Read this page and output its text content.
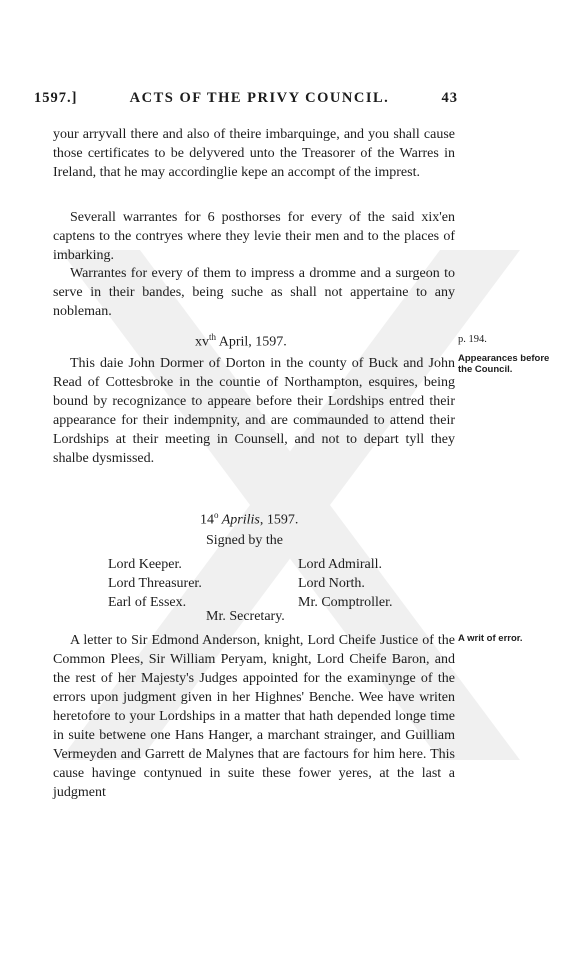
1597.]	ACTS OF THE PRIVY COUNCIL.	43

your arryvall there and also of theire imbarquinge, and you shall cause those certificates to be delyvered unto the Treasorer of the Warres in Ireland, that he may accordinglie kepe an accompt of the imprest.

Severall warrantes for 6 posthorses for every of the said xix'en captens to the contryes where they levie their men and to the places of imbarking.

Warrantes for every of them to impress a dromme and a surgeon to serve in their bandes, being suche as shall not appertaine to any nobleman.

$xv^{th}$ April, 1597.

This daie John Dormer of Dorton in the county of Buck and John Read of Cottesbroke in the countie of Northampton, esquires, being bound by recognizance to appeare before their Lordships entred their appearance for their indempnity, and are commaunded to attend their Lordships at their meeting in Counsell, and not to depart tyll they shalbe dysmissed.

14$^o$ Aprilis, 1597.
Signed by the
Lord Keeper.	Lord Admirall.
Lord Threasurer.	Lord North.
Earl of Essex.	Mr. Comptroller.
Mr. Secretary.

A letter to Sir Edmond Anderson, knight, Lord Cheife Justice of the Common Plees, Sir William Peryam, knight, Lord Cheife Baron, and the rest of her Majesty's Judges appointed for the examinynge of the errors upon judgment given in her Highnes' Benche. Wee have writen heretofore to your Lordships in a matter that hath depended longe time in suite betwene one Hans Hanger, a marchant strainger, and Guilliam Vermeyden and Garrett de Malynes that are factours for him here. This cause havinge contynued in suite these fower yeres, at the last a judgment

p. 194.
Appearances before the Council.
A writ of error.
